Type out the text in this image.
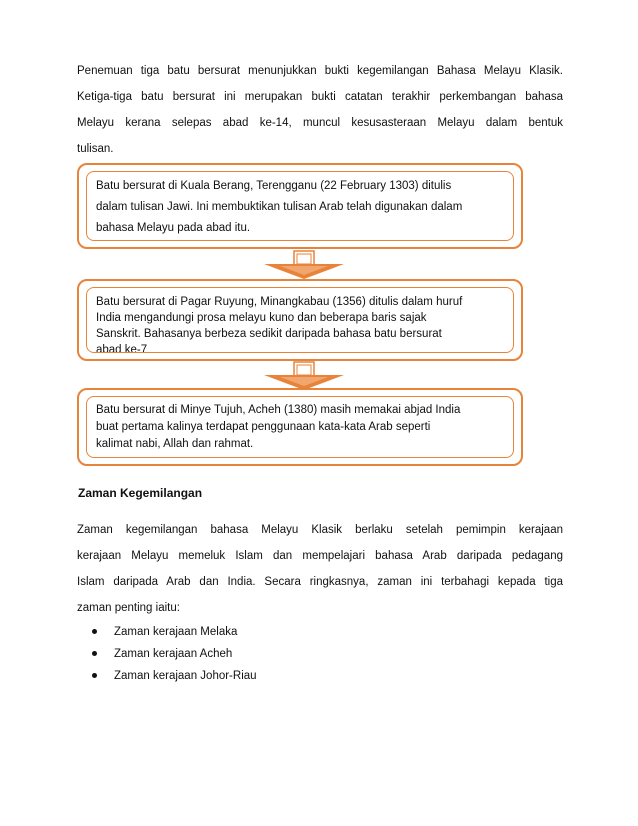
Penemuan tiga batu bersurat menunjukkan bukti kegemilangan Bahasa Melayu Klasik.
Ketiga-tiga batu bersurat ini merupakan bukti catatan terakhir perkembangan bahasa
Melayu kerana selepas abad ke-14, muncul kesusasteraan Melayu dalam bentuk
tulisan.
Batu bersurat di Kuala Berang, Terengganu (22 February 1303) ditulis
dalam tulisan Jawi. Ini membuktikan tulisan Arab telah digunakan dalam
bahasa Melayu pada abad itu.
Batu bersurat di Pagar Ruyung, Minangkabau (1356) ditulis dalam huruf
India mengandungi prosa melayu kuno dan beberapa baris sajak
Sanskrit. Bahasanya berbeza sedikit daripada bahasa batu bersurat
abad ke-7
Batu bersurat di Minye Tujuh, Acheh (1380) masih memakai abjad India
buat pertama kalinya terdapat penggunaan kata-kata Arab seperti
kalimat nabi, Allah dan rahmat.
Zaman Kegemilangan
Zaman kegemilangan bahasa Melayu Klasik berlaku setelah pemimpin kerajaan
kerajaan Melayu memeluk Islam dan mempelajari bahasa Arab daripada pedagang
Islam daripada Arab dan India. Secara ringkasnya, zaman ini terbahagi kepada tiga
zaman penting iaitu:
Zaman kerajaan Melaka
Zaman kerajaan Acheh
Zaman kerajaan Johor-Riau
